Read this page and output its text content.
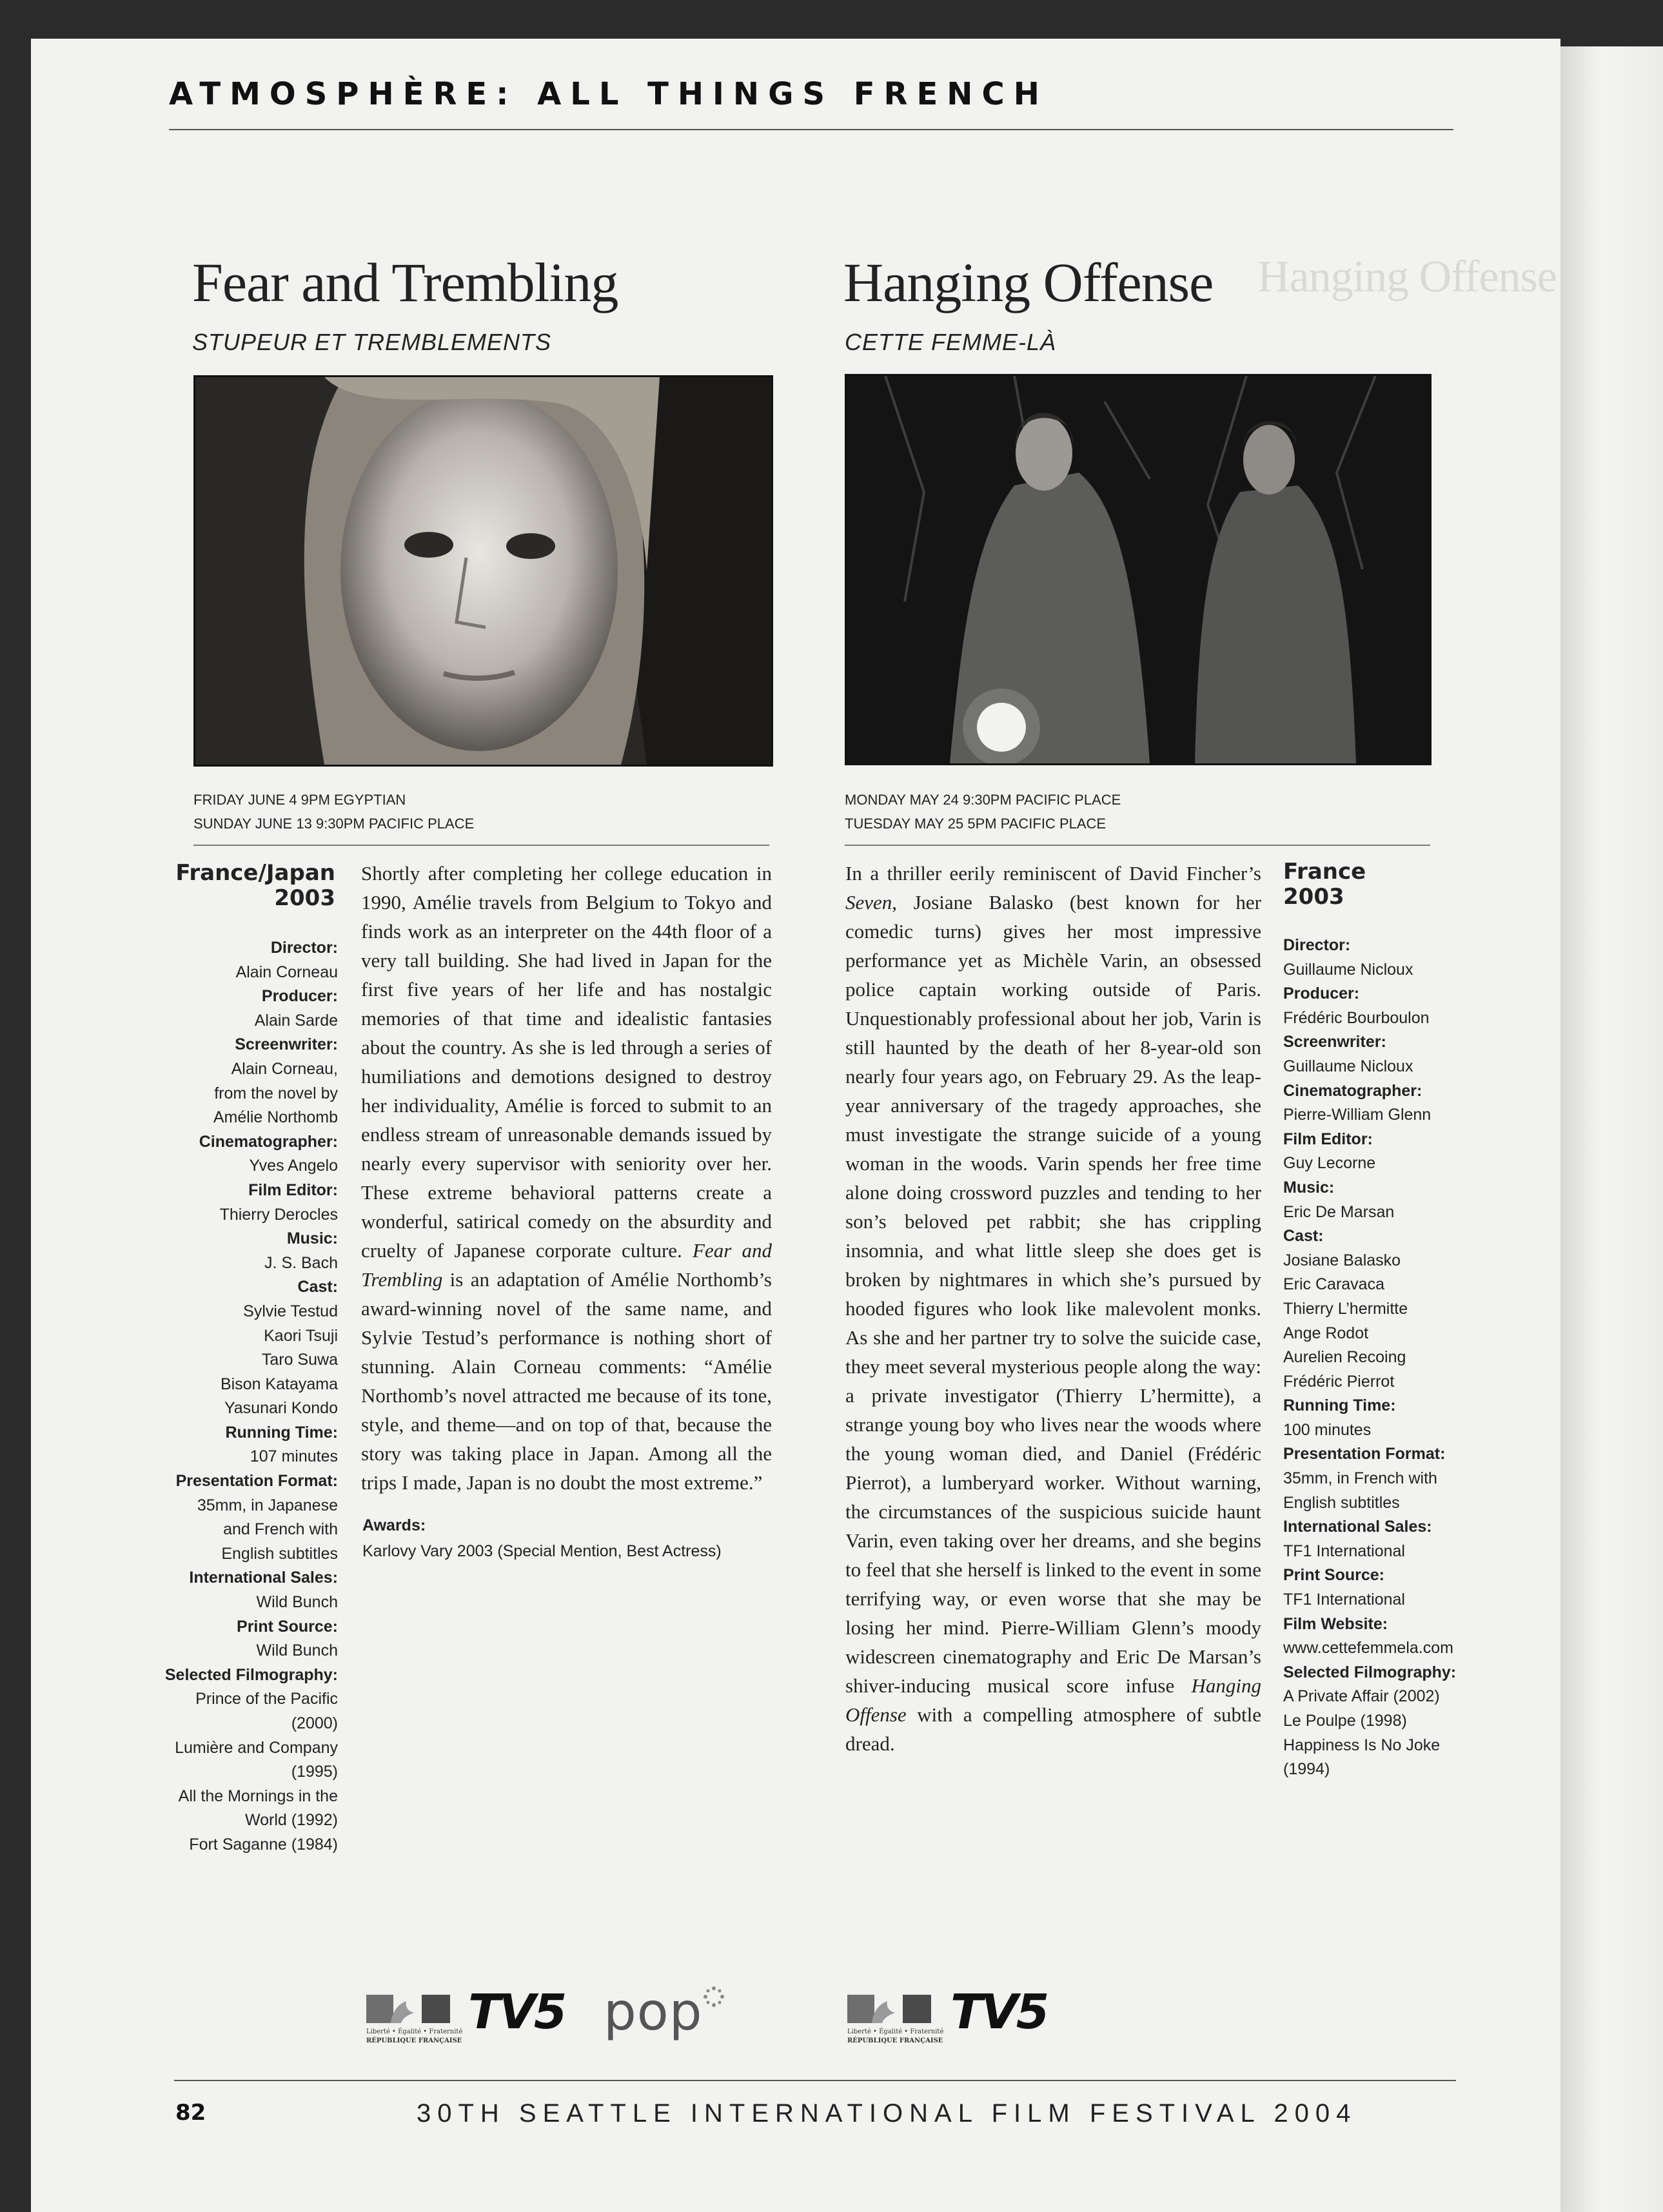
Hanging Offense
ATMOSPHÈRE: ALL THINGS FRENCH
Fear and Trembling
STUPEUR ET TREMBLEMENTS
FRIDAY JUNE 4 9PM EGYPTIAN
SUNDAY JUNE 13 9:30PM PACIFIC PLACE
France/Japan
2003
Director:
Alain Corneau
Producer:
Alain Sarde
Screenwriter:
Alain Corneau,
from the novel by
Amélie Northomb
Cinematographer:
Yves Angelo
Film Editor:
Thierry Derocles
Music:
J. S. Bach
Cast:
Sylvie Testud
Kaori Tsuji
Taro Suwa
Bison Katayama
Yasunari Kondo
Running Time:
107 minutes
Presentation Format:
35mm, in Japanese
and French with
English subtitles
International Sales:
Wild Bunch
Print Source:
Wild Bunch
Selected Filmography:
Prince of the Pacific
(2000)
Lumière and Company
(1995)
All the Mornings in the
World (1992)
Fort Saganne (1984)
Shortly after completing her college education in 1990, Amélie travels from Belgium to Tokyo and finds work as an interpreter on the 44th floor of a very tall building. She had lived in Japan for the first five years of her life and has nostalgic memories of that time and idealistic fantasies about the country. As she is led through a series of humiliations and demotions designed to destroy her individuality, Amélie is forced to submit to an endless stream of unreasonable demands issued by nearly every supervisor with seniority over her. These extreme behavioral patterns create a wonderful, satirical comedy on the absurdity and cruelty of Japanese corporate culture. Fear and Trembling is an adaptation of Amélie Northomb’s award-winning novel of the same name, and Sylvie Testud’s performance is nothing short of stunning. Alain Corneau comments: “Amélie Northomb’s novel attracted me because of its tone, style, and theme—and on top of that, because the story was taking place in Japan. Among all the trips I made, Japan is no doubt the most extreme.”
Awards:
Karlovy Vary 2003 (Special Mention, Best Actress)
Hanging Offense
CETTE FEMME-LÀ
MONDAY MAY 24 9:30PM PACIFIC PLACE
TUESDAY MAY 25 5PM PACIFIC PLACE
In a thriller eerily reminiscent of David Fincher’s Seven, Josiane Balasko (best known for her comedic turns) gives her most impressive performance yet as Michèle Varin, an obsessed police captain working outside of Paris. Unquestionably professional about her job, Varin is still haunted by the death of her 8-year-old son nearly four years ago, on February 29. As the leap-year anniversary of the tragedy approaches, she must investigate the strange suicide of a young woman in the woods. Varin spends her free time alone doing crossword puzzles and tending to her son’s beloved pet rabbit; she has crippling insomnia, and what little sleep she does get is broken by nightmares in which she’s pursued by hooded figures who look like malevolent monks. As she and her partner try to solve the suicide case, they meet several mysterious people along the way: a private investigator (Thierry L’hermitte), a strange young boy who lives near the woods where the young woman died, and Daniel (Frédéric Pierrot), a lumberyard worker. Without warning, the circumstances of the suspicious suicide haunt Varin, even taking over her dreams, and she begins to feel that she herself is linked to the event in some terrifying way, or even worse that she may be losing her mind. Pierre-William Glenn’s moody widescreen cinematography and Eric De Marsan’s shiver-inducing musical score infuse Hanging Offense with a compelling atmosphere of subtle dread.
France
2003
Director:
Guillaume Nicloux
Producer:
Frédéric Bourboulon
Screenwriter:
Guillaume Nicloux
Cinematographer:
Pierre-William Glenn
Film Editor:
Guy Lecorne
Music:
Eric De Marsan
Cast:
Josiane Balasko
Eric Caravaca
Thierry L’hermitte
Ange Rodot
Aurelien Recoing
Frédéric Pierrot
Running Time:
100 minutes
Presentation Format:
35mm, in French with
English subtitles
International Sales:
TF1 International
Print Source:
TF1 International
Film Website:
www.cettefemmela.com
Selected Filmography:
A Private Affair (2002)
Le Poulpe (1998)
Happiness Is No Joke
(1994)
Liberté • Égalité • Fraternité
RÉPUBLIQUE FRANÇAISE
TV5 pop	Liberté • Égalité • Fraternité
RÉPUBLIQUE FRANÇAISE
TV5
82	30TH SEATTLE INTERNATIONAL FILM FESTIVAL 2004
